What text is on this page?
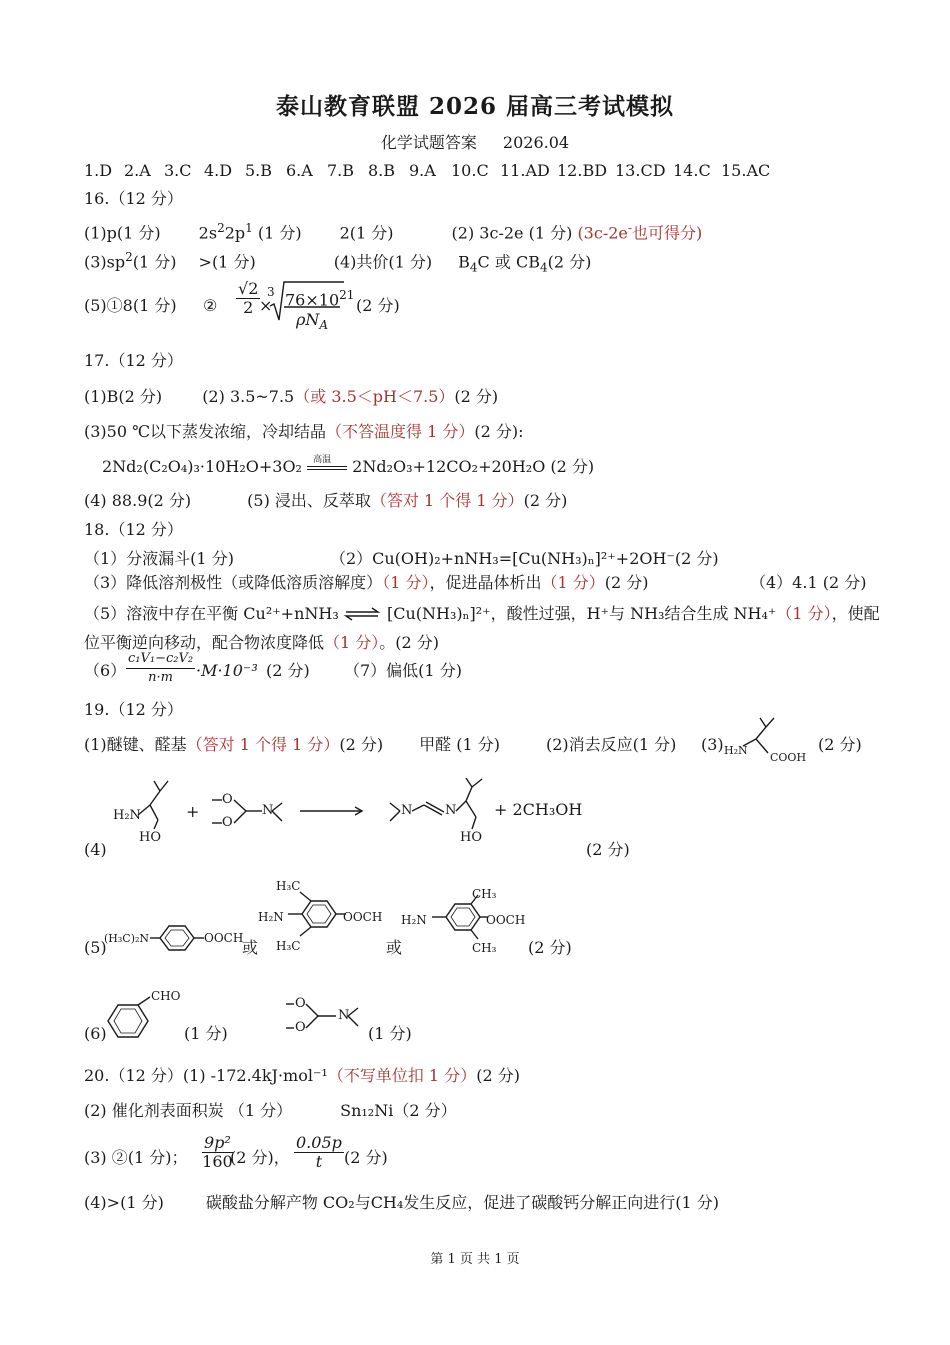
泰山教育联盟 2026 届高三考试模拟
化学试题答案 2026.04
1.D 2.A 3.C 4.D 5.B 6.A 7.B 8.B 9.A 10.C 11.AD 12.BD 13.CD 14.C 15.AC
16.（12 分）
(1)p(1 分) $2s^22p^1$ (1 分) 2(1 分)	(2) 3c-2e (1 分) (3c-2e-也可得分)
$(3)sp^2(1$ 分) >(1 分)	(4)共价(1 分) $B_4C$ 或 $CB_4(2$ 分)
(5)①8(1 分) ② $\frac{√2}{2}$
×
3 $76\times 10^{21}$
$\rho N_A$
(2 分)
17.（12 分）
(1)B(2 分)	(2) 3.5~7.5（或 3.5＜pH＜7.5）(2 分)
(3)50 ℃以下蒸发浓缩，冷却结晶（不答温度得 1 分）(2 分):
2Nd₂(C₂O₄)₃·10H₂O+3O₂ 高温 2Nd₂O₃+12CO₂+20H₂O (2 分)
(4) 88.9(2 分)	(5) 浸出、反萃取（答对 1 个得 1 分）(2 分)
18.（12 分）
（1）分液漏斗(1 分)	（2）Cu(OH)₂+nNH₃=[Cu(NH₃)ₙ]²⁺+2OH⁻(2 分)
（3）降低溶剂极性（或降低溶质溶解度）（1 分），促进晶体析出（1 分）(2 分)	（4）4.1 (2 分)
（5）溶液中存在平衡 Cu²⁺+nNH₃	[Cu(NH₃)ₙ]²⁺，酸性过强，H⁺与 NH₃结合生成 NH₄⁺（1 分），使配
位平衡逆向移动，配合物浓度降低（1 分）。(2 分)
$(6) \frac{\text{c₁V₁−c₂V₂}}{n\cdot m} \cdot M\cdot 10^{-3}$ (2 分) （7）偏低(1 分)
19.（12 分）
(1)醚键、醛基（答对 1 个得 1 分）(2 分) 甲醛 (1 分)	(2)消去反应(1 分) (3)	(2 分)
H₂N
COOH
H₂N
HO
+
O
O
N	N	N
HO
+ 2CH₃OH
(4)	(2 分)
(5)
(H₃C)₂N	OOCH
或
H₃C
H₂N
H₃C
OOCH
或
CH₃
H₂N
CH₃
OOCH
(2 分)
(6)
CHO
(1 分)
O
O
N
(1 分)
20.（12 分）(1) -172.4kJ·mol⁻¹（不写单位扣 1 分）(2 分)
(2) 催化剂表面积炭 （1 分）	Sn₁₂Ni（2 分）
(3) ②(1 分)； $\frac{\text{9p²}}{160}$
(2 分)， $\frac{0.05p}{t} (2$ 分)
(4)>(1 分)	碳酸盐分解产物 CO₂与CH₄发生反应，促进了碳酸钙分解正向进行(1 分)
第 1 页 共 1 页
